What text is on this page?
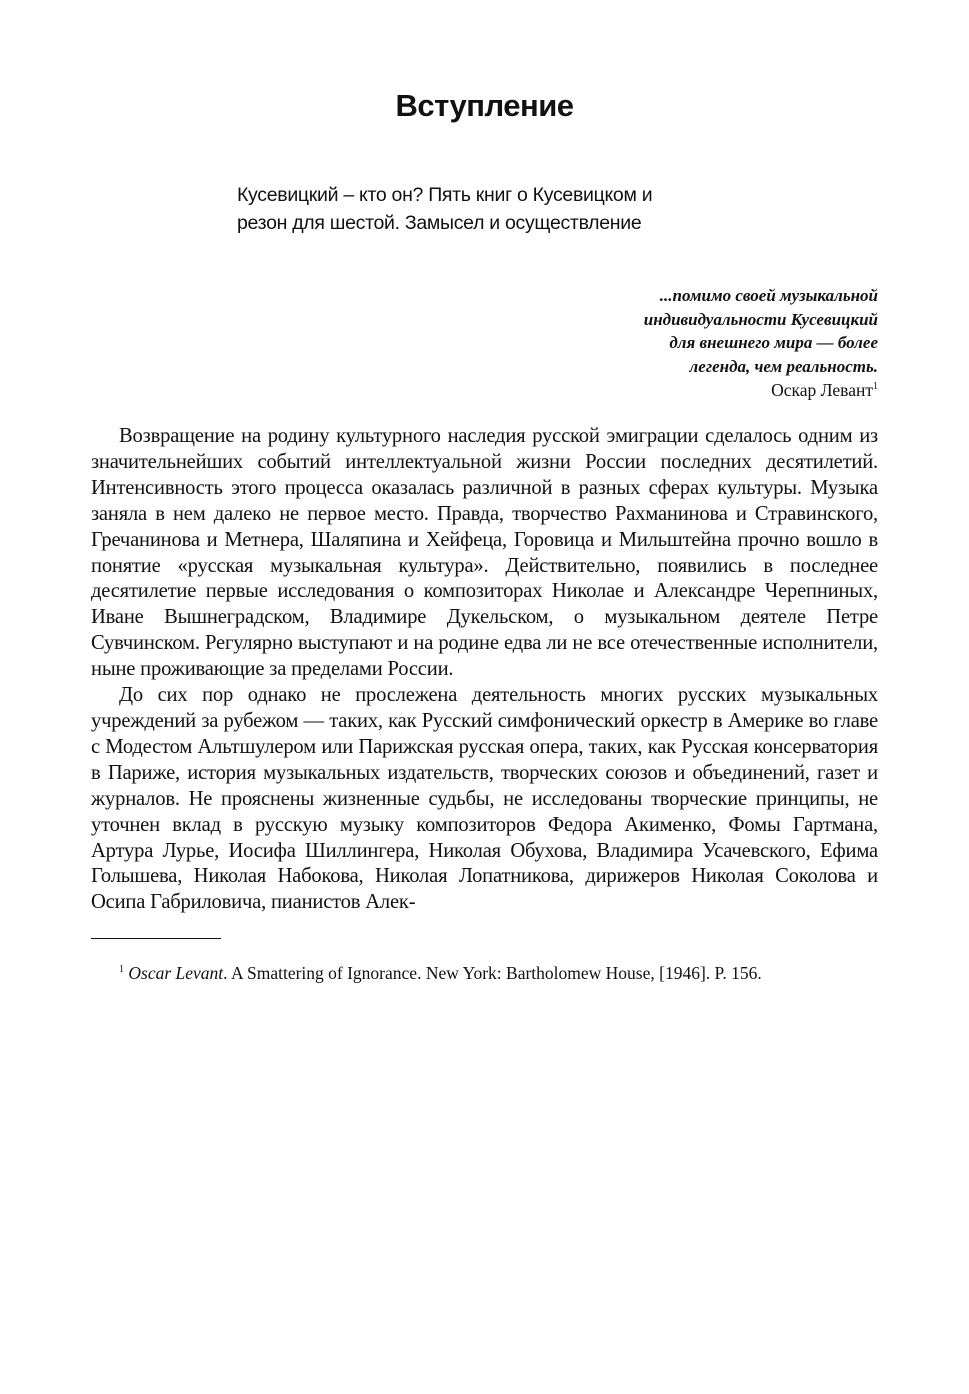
Вступление
Кусевицкий – кто он? Пять книг о Кусевицком и
резон для шестой. Замысел и осуществление
...помимо своей музыкальной
индивидуальности Кусевицкий
для внешнего мира — более
легенда, чем реальность.
Оскар Левант$^1$

Возвращение на родину культурного наследия русской эмиграции сделалось одним из значительнейших событий интеллектуальной жизни России последних десятилетий. Интенсивность этого процесса оказалась различной в разных сферах культуры. Музыка заняла в нем далеко не первое место. Правда, творчество Рахманинова и Стравинского, Гречанинова и Метнера, Шаляпина и Хейфеца, Горовица и Мильштейна прочно вошло в понятие «русская музыкальная культура». Действительно, появились в последнее десятилетие первые исследования о композиторах Николае и Александре Черепниных, Иване Вышнеградском, Владимире Дукельском, о музыкальном деятеле Петре Сувчинском. Регулярно выступают и на родине едва ли не все отечественные исполнители, ныне проживающие за пределами России.

До сих пор однако не прослежена деятельность многих русских музыкальных учреждений за рубежом — таких, как Русский симфонический оркестр в Америке во главе с Модестом Альтшулером или Парижская русская опера, таких, как Русская консерватория в Париже, история музыкальных издательств, творческих союзов и объединений, газет и журналов. Не прояснены жизненные судьбы, не исследованы творческие принципы, не уточнен вклад в русскую музыку композиторов Федора Акименко, Фомы Гартмана, Артура Лурье, Иосифа Шиллингера, Николая Обухова, Владимира Усачевского, Ефима Голышева, Николая Набокова, Николая Лопатникова, дирижеров Николая Соколова и Осипа Габриловича, пианистов Алек-

$^1$ Oscar Levant. A Smattering of Ignorance. New York: Bartholomew House, [1946]. P. 156.
